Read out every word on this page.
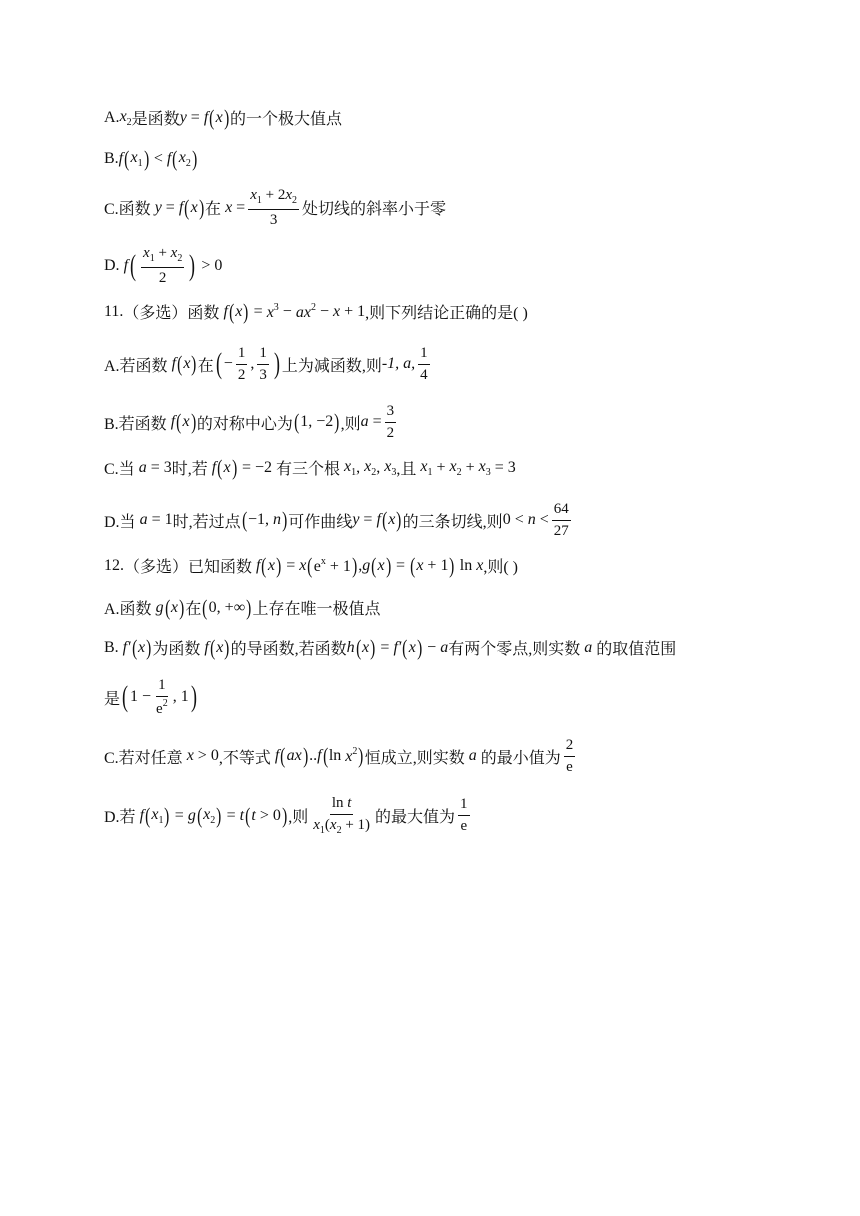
A. $x_2$ 是函数 y = f ( x ) 的一个极大值点
B. f ( $x_1$ ) < f ( $x_2$ )
C.函数 y = f ( x ) 在 $x = \frac{x_1 + 2x_2}{3}$ 处切线的斜率小于零
D. f ( $\frac{x_1 + x_2}{2}$ ) > 0
11. （多选） 函数 f ( x ) = $x^3 - ax^2 - x + 1$ ,则下列结论正确的是( )
A.若函数 f ( x ) 在 ( − $\frac{1}{2}$ , $\frac{1}{3}$ ) 上为减函数,则 -1, a, $\frac{1}{4}$
B.若函数 f ( x ) 的对称中心为 ( 1, −2 ) ,则 $a = \frac{3}{2}$
C.当 a = 3 时,若 f ( x ) = −2 有三个根 $x_1$ , $x_2$ , $x_3$ ,且 $x_1 + x_2 + x_3 = 3$
D.当 a = 1 时,若过点 ( −1, n ) 可作曲线 y = f ( x ) 的三条切线,则 $0 < n < \frac{64}{27}$
12. （多选） 已知函数 f ( x ) = x ( $e^x + 1$ ) , g ( x ) = ( x + 1 ) ln x ,则( )
A.函数 g ( x ) 在 ( 0, +∞ ) 上存在唯一极值点
B. f′ ( x ) 为函数 f ( x ) 的导函数,若函数 h ( x ) = f′ ( x ) − a 有两个零点,则实数 a 的取值范围
是 ( $1 - \frac{1}{e^2}$ , 1 )
C.若对任意 x > 0 ,不等式 f ( ax ) .. f ( $\ln x^2$ ) 恒成立,则实数 a 的最小值为 $\frac{2}{e}$
D.若 f ( $x_1$ ) = g ( $x_2$ ) = t ( t > 0 ) ,则 $\frac{\text{ln t}}{x_1(x_2 + 1)}$ 的最大值为 $\frac{1}{e}$
